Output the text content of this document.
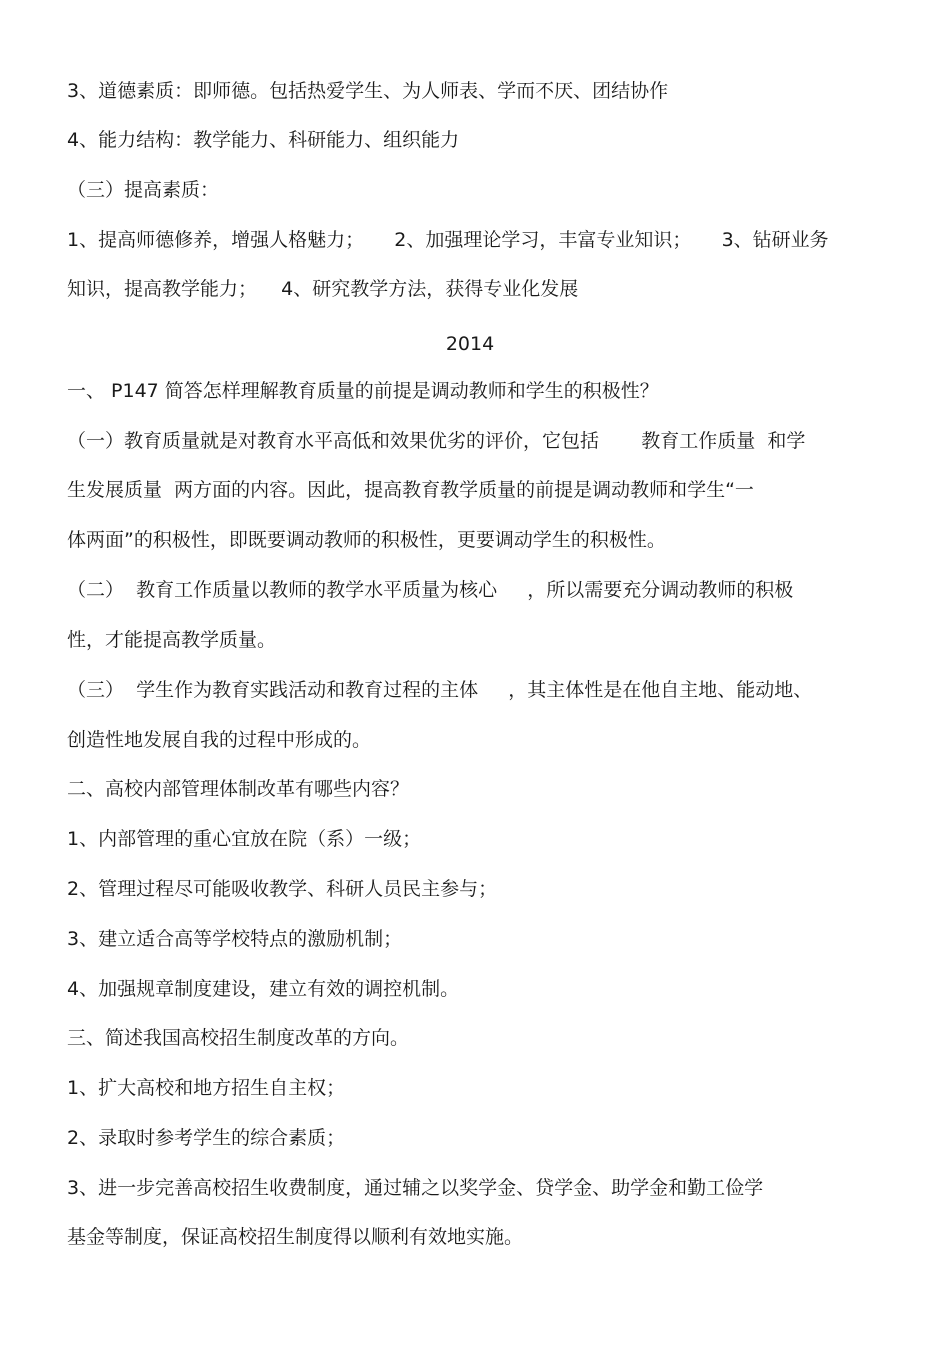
3、道德素质：即师德。包括热爱学生、为人师表、学而不厌、团结协作
4、能力结构：教学能力、科研能力、组织能力
（三）提高素质：
1、提高师德修养，增强人格魅力；     2、加强理论学习，丰富专业知识；     3、钻研业务
知识，提高教学能力；    4、研究教学方法，获得专业化发展
2014
一、 P147 简答怎样理解教育质量的前提是调动教师和学生的积极性？
（一）教育质量就是对教育水平高低和效果优劣的评价，它包括       教育工作质量  和学
生发展质量  两方面的内容。因此，提高教育教学质量的前提是调动教师和学生“一
体两面”的积极性，即既要调动教师的积极性，更要调动学生的积极性。
（二）  教育工作质量以教师的教学水平质量为核心     ，所以需要充分调动教师的积极
性，才能提高教学质量。
（三）  学生作为教育实践活动和教育过程的主体     ，其主体性是在他自主地、能动地、
创造性地发展自我的过程中形成的。
二、高校内部管理体制改革有哪些内容？
1、内部管理的重心宜放在院（系）一级；
2、管理过程尽可能吸收教学、科研人员民主参与；
3、建立适合高等学校特点的激励机制；
4、加强规章制度建设，建立有效的调控机制。
三、简述我国高校招生制度改革的方向。
1、扩大高校和地方招生自主权；
2、录取时参考学生的综合素质；
3、进一步完善高校招生收费制度，通过辅之以奖学金、贷学金、助学金和勤工俭学
基金等制度，保证高校招生制度得以顺利有效地实施。
